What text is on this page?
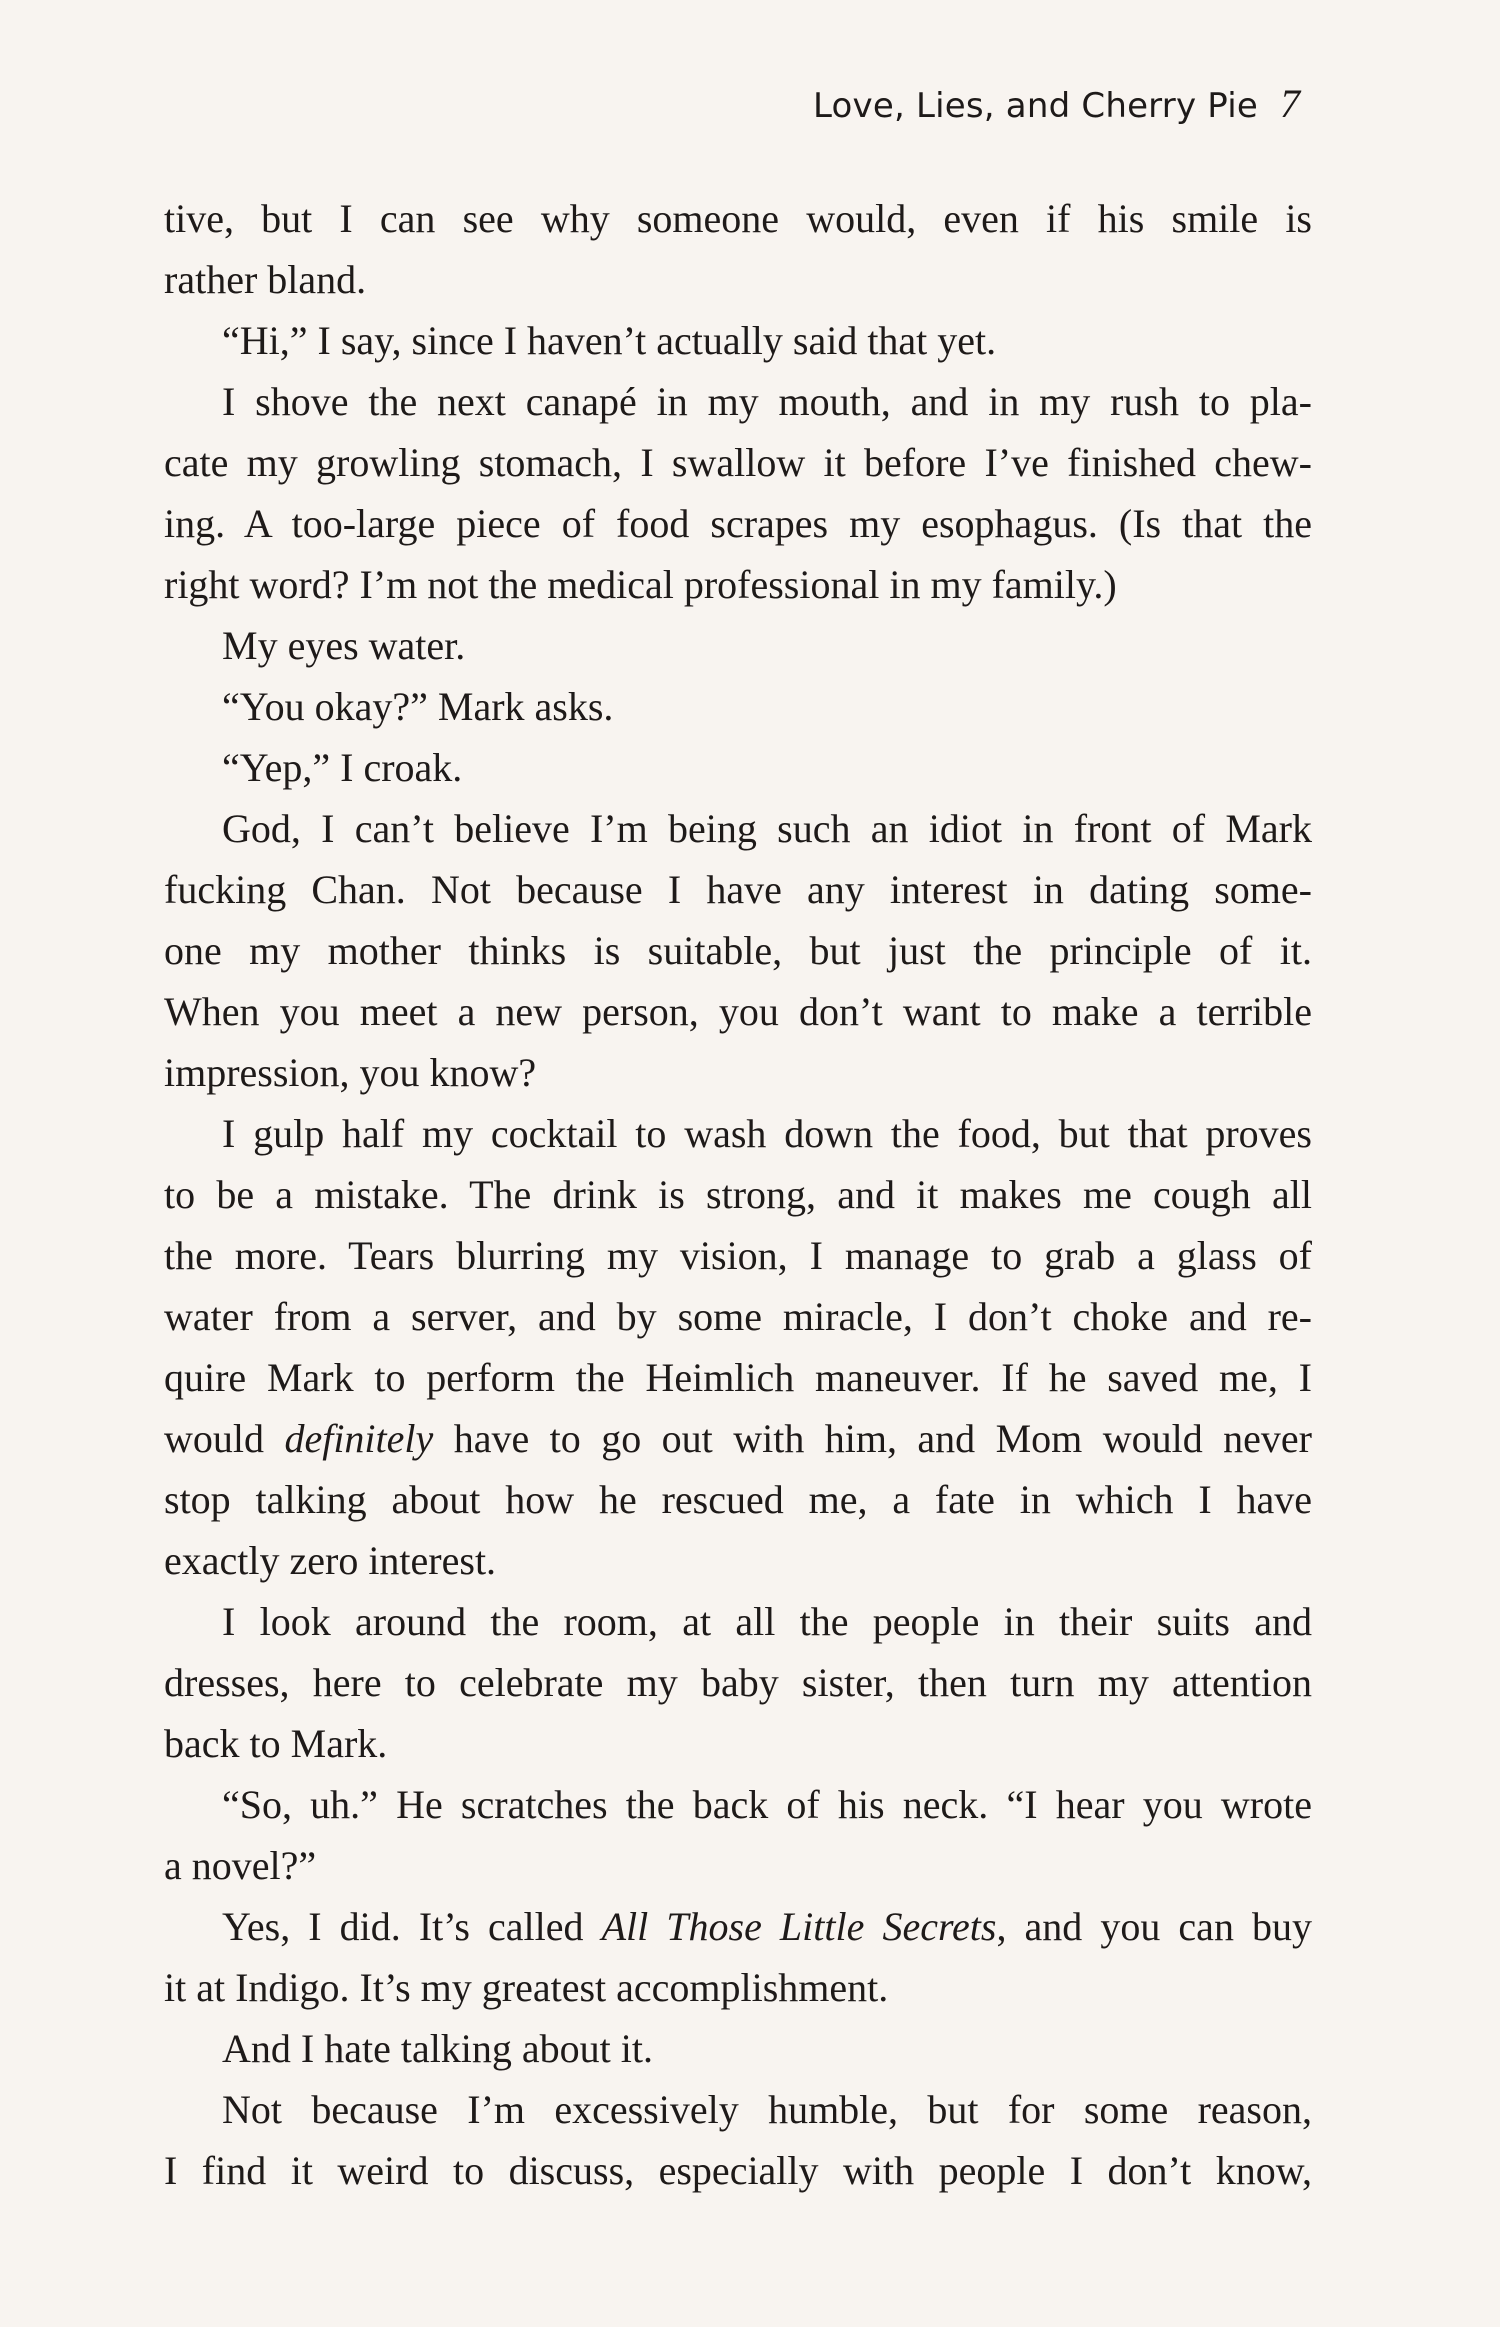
Love, Lies, and Cherry Pie 7
tive, but I can see why someone would, even if his smile is
rather bland.
“Hi,” I say, since I haven’t actually said that yet.
I shove the next canapé in my mouth, and in my rush to pla-
cate my growling stomach, I swallow it before I’ve finished chew-
ing. A too-large piece of food scrapes my esophagus. (Is that the
right word? I’m not the medical professional in my family.)
My eyes water.
“You okay?” Mark asks.
“Yep,” I croak.
God, I can’t believe I’m being such an idiot in front of Mark
fucking Chan. Not because I have any interest in dating some-
one my mother thinks is suitable, but just the principle of it.
When you meet a new person, you don’t want to make a terrible
impression, you know?
I gulp half my cocktail to wash down the food, but that proves
to be a mistake. The drink is strong, and it makes me cough all
the more. Tears blurring my vision, I manage to grab a glass of
water from a server, and by some miracle, I don’t choke and re-
quire Mark to perform the Heimlich maneuver. If he saved me, I
would definitely have to go out with him, and Mom would never
stop talking about how he rescued me, a fate in which I have
exactly zero interest.
I look around the room, at all the people in their suits and
dresses, here to celebrate my baby sister, then turn my attention
back to Mark.
“So, uh.” He scratches the back of his neck. “I hear you wrote
a novel?”
Yes, I did. It’s called All Those Little Secrets, and you can buy
it at Indigo. It’s my greatest accomplishment.
And I hate talking about it.
Not because I’m excessively humble, but for some reason,
I find it weird to discuss, especially with people I don’t know,
